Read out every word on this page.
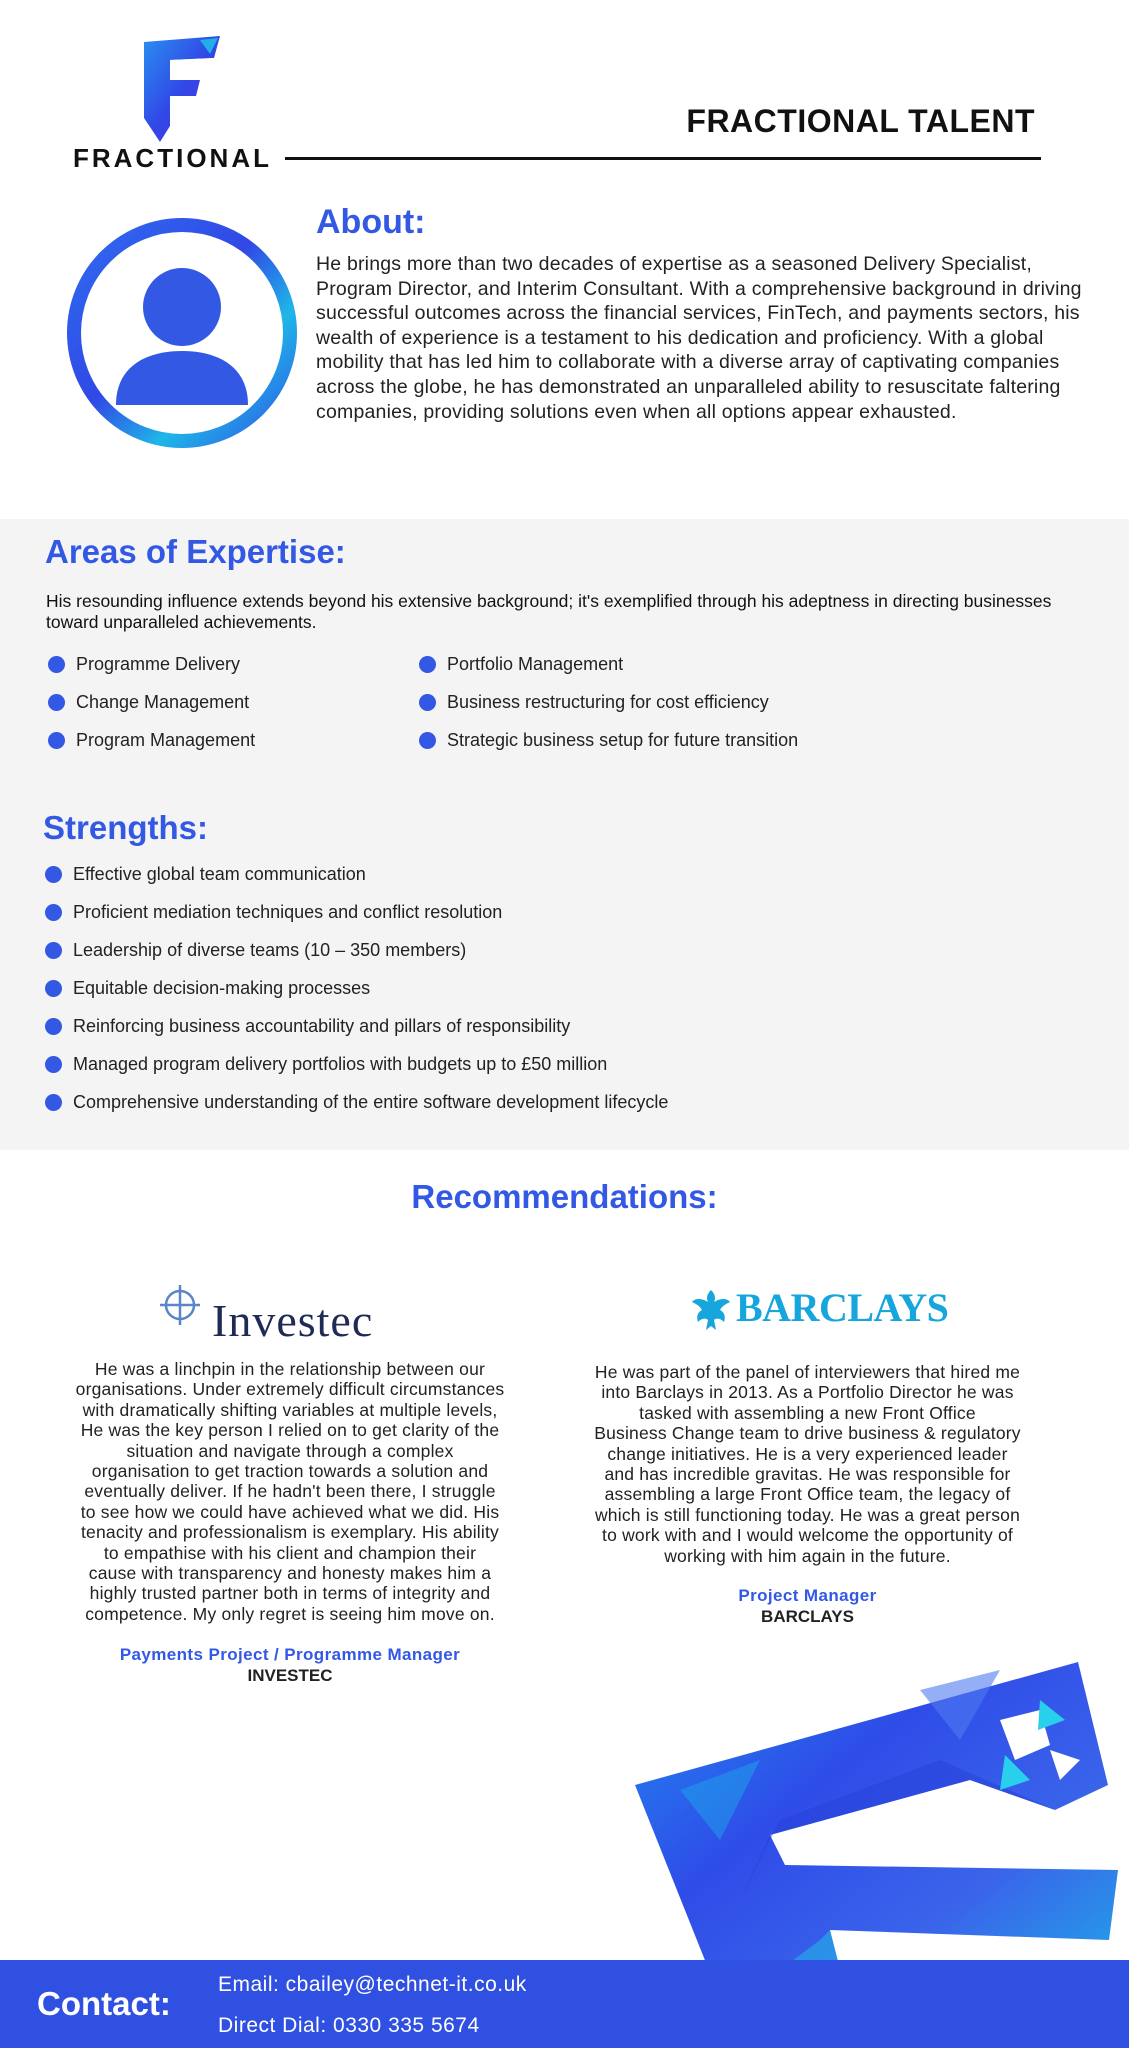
FRACTIONAL
FRACTIONAL TALENT
About:
He brings more than two decades of expertise as a seasoned Delivery Specialist, Program Director, and Interim Consultant. With a comprehensive background in driving successful outcomes across the financial services, FinTech, and payments sectors, his wealth of experience is a testament to his dedication and proficiency. With a global mobility that has led him to collaborate with a diverse array of captivating companies across the globe, he has demonstrated an unparalleled ability to resuscitate faltering companies, providing solutions even when all options appear exhausted.
Areas of Expertise:
His resounding influence extends beyond his extensive background; it's exemplified through his adeptness in directing businesses toward unparalleled achievements.
Programme Delivery
Change Management
Program Management
Portfolio Management
Business restructuring for cost efficiency
Strategic business setup for future transition
Strengths:
Effective global team communication
Proficient mediation techniques and conflict resolution
Leadership of diverse teams (10 – 350 members)
Equitable decision-making processes
Reinforcing business accountability and pillars of responsibility
Managed program delivery portfolios with budgets up to £50 million
Comprehensive understanding of the entire software development lifecycle
Recommendations:
Investec
He was a linchpin in the relationship between our
organisations. Under extremely difficult circumstances
with dramatically shifting variables at multiple levels,
He was the key person I relied on to get clarity of the
situation and navigate through a complex
organisation to get traction towards a solution and
eventually deliver. If he hadn't been there, I struggle
to see how we could have achieved what we did. His
tenacity and professionalism is exemplary. His ability
to empathise with his client and champion their
cause with transparency and honesty makes him a
highly trusted partner both in terms of integrity and
competence. My only regret is seeing him move on.
Payments Project / Programme Manager
INVESTEC
BARCLAYS
He was part of the panel of interviewers that hired me
into Barclays in 2013. As a Portfolio Director he was
tasked with assembling a new Front Office
Business Change team to drive business & regulatory
change initiatives. He is a very experienced leader
and has incredible gravitas. He was responsible for
assembling a large Front Office team, the legacy of
which is still functioning today. He was a great person
to work with and I would welcome the opportunity of
working with him again in the future.
Project Manager
BARCLAYS
Contact:
Email: cbailey@technet-it.co.uk
Direct Dial: 0330 335 5674
